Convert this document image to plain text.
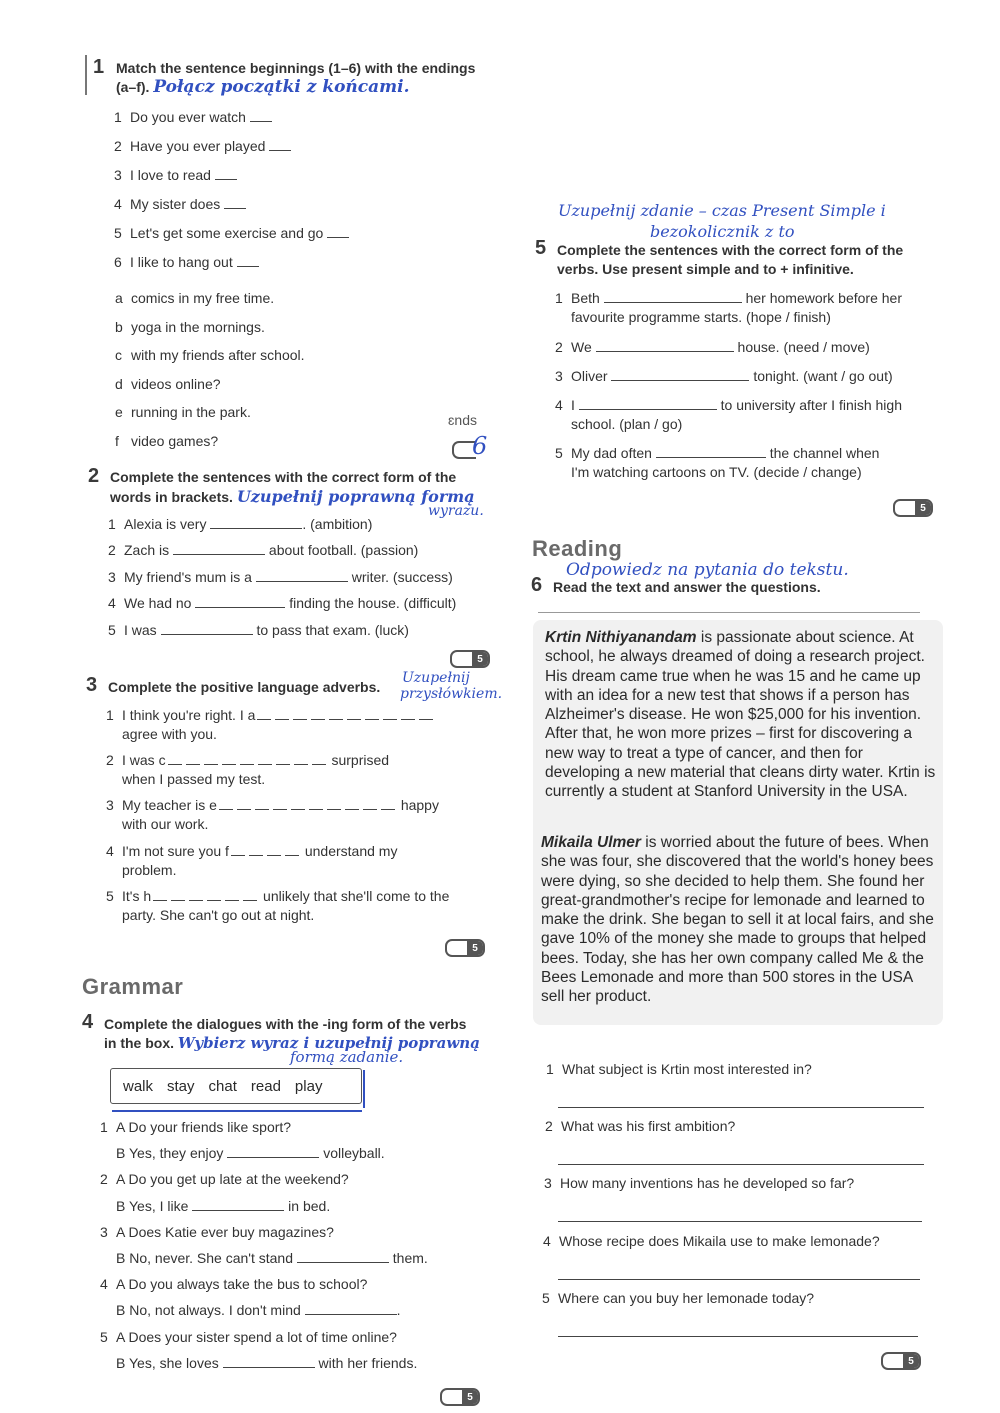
1 Match the sentence beginnings (1–6) with the endings
(a–f). Połącz początki z końcami.
1 Do you ever watch
2 Have you ever played
3 I love to read
4 My sister does
5 Let's get some exercise and go
6 I like to hang out
a comics in my free time.
b yoga in the mornings.
c with my friends after school.
d videos online?
e running in the park.
f video games?
ɛnds
6
2 Complete the sentences with the correct form of the
words in brackets. Uzupełnij poprawną formą
wyrazu.
1 Alexia is very	. (ambition)
2 Zach is	about football. (passion)
3 My friend's mum is a	writer. (success)
4 We had no	finding the house. (difficult)
5 I was	to pass that exam. (luck)
5
3 Complete the positive language adverbs.
Uzupełnij
przysłówkiem.
1 I think you're right. I a
agree with you.
2 I was c	surprised
when I passed my test.
3 My teacher is e	happy
with our work.
4 I'm not sure you f	understand my
problem.
5 It's h	unlikely that she'll come to the
party. She can't go out at night.
5
Grammar
4 Complete the dialogues with the -ing form of the verbs
in the box. Wybierz wyraz i uzupełnij poprawną
formą zadanie.
walk stay chat read play
1 A Do your friends like sport?
B Yes, they enjoy	volleyball.
2 A Do you get up late at the weekend?
B Yes, I like	in bed.
3 A Does Katie ever buy magazines?
B No, never. She can't stand	them.
4 A Do you always take the bus to school?
B No, not always. I don't mind	.
5 A Does your sister spend a lot of time online?
B Yes, she loves	with her friends.
5
Uzupełnij zdanie – czas Present Simple i
bezokolicznik z to
5 Complete the sentences with the correct form of the
verbs. Use present simple and to + infinitive.
1 Beth	her homework before her
favourite programme starts. (hope / finish)
2 We	house. (need / move)
3 Oliver	tonight. (want / go out)
4 I	to university after I finish high
school. (plan / go)
5 My dad often	the channel when
I'm watching cartoons on TV. (decide / change)
5
Reading
Odpowiedz na pytania do tekstu.
6 Read the text and answer the questions.
Krtin Nithiyanandam is passionate about science. At school, he always dreamed of doing a research project. His dream came true when he was 15 and he came up with an idea for a new test that shows if a person has Alzheimer's disease. He won $25,000 for his invention. After that, he won more prizes – first for discovering a new way to treat a type of cancer, and then for developing a new material that cleans dirty water. Krtin is currently a student at Stanford University in the USA.
Mikaila Ulmer is worried about the future of bees. When she was four, she discovered that the world's honey bees were dying, so she decided to help them. She found her great-grandmother's recipe for lemonade and learned to make the drink. She began to sell it at local fairs, and she gave 10% of the money she made to groups that helped bees. Today, she has her own company called Me & the Bees Lemonade and more than 500 stores in the USA sell her product.
1 What subject is Krtin most interested in?
2 What was his first ambition?
3 How many inventions has he developed so far?
4 Whose recipe does Mikaila use to make lemonade?
5 Where can you buy her lemonade today?
5
